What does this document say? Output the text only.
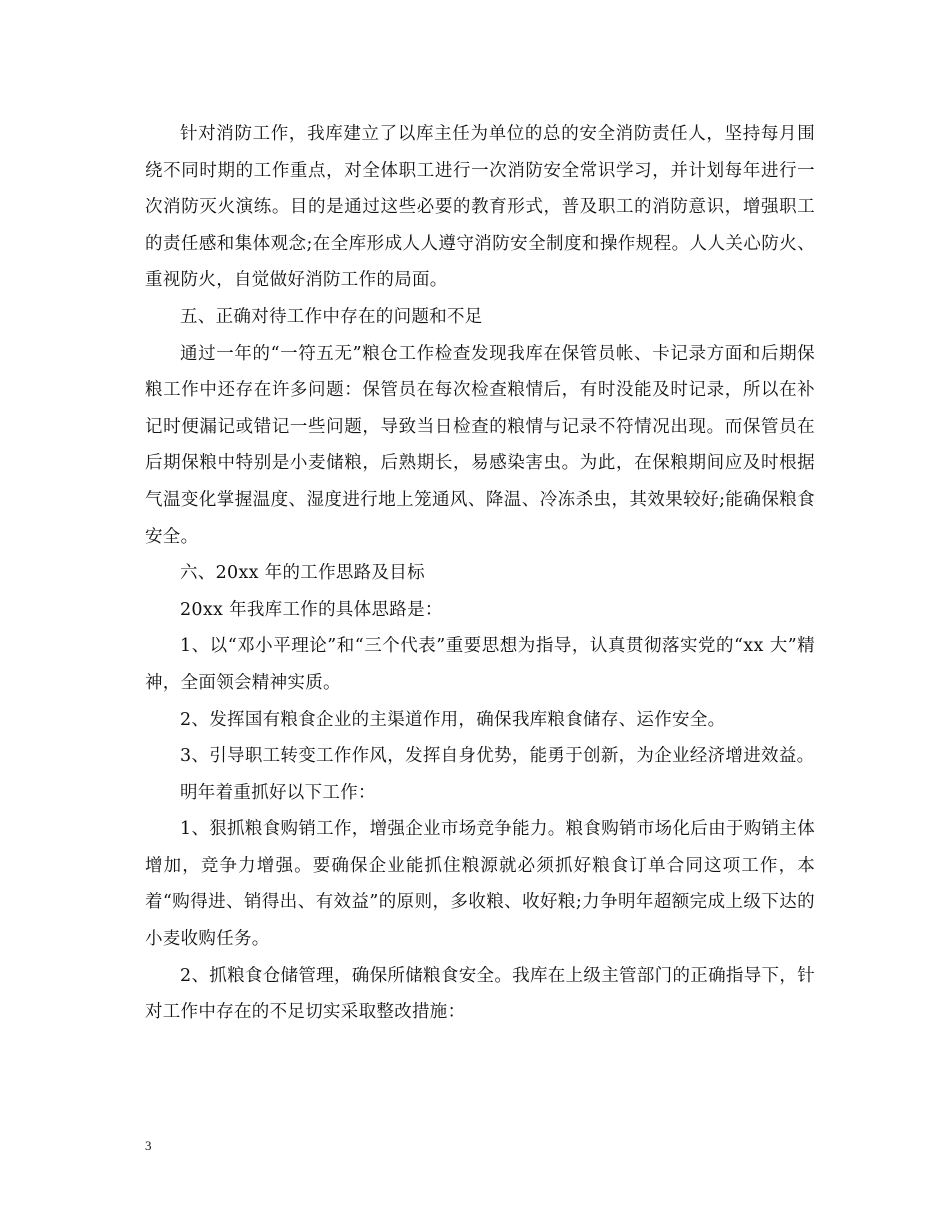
针对消防工作，我库建立了以库主任为单位的总的安全消防责任人，坚持每月围绕不同时期的工作重点，对全体职工进行一次消防安全常识学习，并计划每年进行一次消防灭火演练。目的是通过这些必要的教育形式，普及职工的消防意识，增强职工的责任感和集体观念;在全库形成人人遵守消防安全制度和操作规程。人人关心防火、重视防火，自觉做好消防工作的局面。

五、正确对待工作中存在的问题和不足

通过一年的“一符五无”粮仓工作检查发现我库在保管员帐、卡记录方面和后期保粮工作中还存在许多问题：保管员在每次检查粮情后，有时没能及时记录，所以在补记时便漏记或错记一些问题，导致当日检查的粮情与记录不符情况出现。而保管员在后期保粮中特别是小麦储粮，后熟期长，易感染害虫。为此，在保粮期间应及时根据气温变化掌握温度、湿度进行地上笼通风、降温、冷冻杀虫，其效果较好;能确保粮食安全。

六、20xx 年的工作思路及目标

20xx 年我库工作的具体思路是：

1、以“邓小平理论”和“三个代表”重要思想为指导，认真贯彻落实党的“xx 大”精神，全面领会精神实质。

2、发挥国有粮食企业的主渠道作用，确保我库粮食储存、运作安全。

3、引导职工转变工作作风，发挥自身优势，能勇于创新，为企业经济增进效益。

明年着重抓好以下工作：

1、狠抓粮食购销工作，增强企业市场竞争能力。粮食购销市场化后由于购销主体增加，竞争力增强。要确保企业能抓住粮源就必须抓好粮食订单合同这项工作，本着“购得进、销得出、有效益”的原则，多收粮、收好粮;力争明年超额完成上级下达的小麦收购任务。

2、抓粮食仓储管理，确保所储粮食安全。我库在上级主管部门的正确指导下，针对工作中存在的不足切实采取整改措施：

3
